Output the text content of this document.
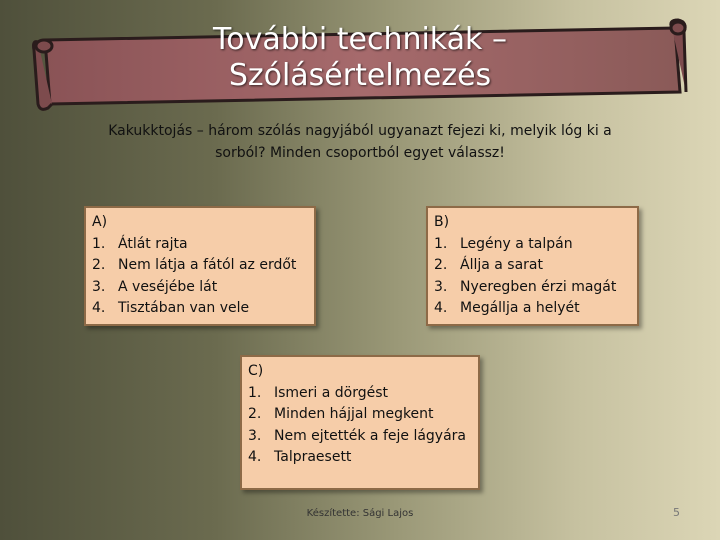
További technikák – Szólásértelmezés
Kakukktojás – három szólás nagyjából ugyanazt fejezi ki, melyik lóg ki a sorból? Minden csoportból egyet válassz!
A)
1. Átlát rajta
2. Nem látja a fától az erdőt
3. A veséjébe lát
4. Tisztában van vele
B)
1. Legény a talpán
2. Állja a sarat
3. Nyeregben érzi magát
4. Megállja a helyét
C)
1. Ismeri a dörgést
2. Minden hájjal megkent
3. Nem ejtették a feje lágyára
4. Talpraesett
Készítette: Sági Lajos	5
